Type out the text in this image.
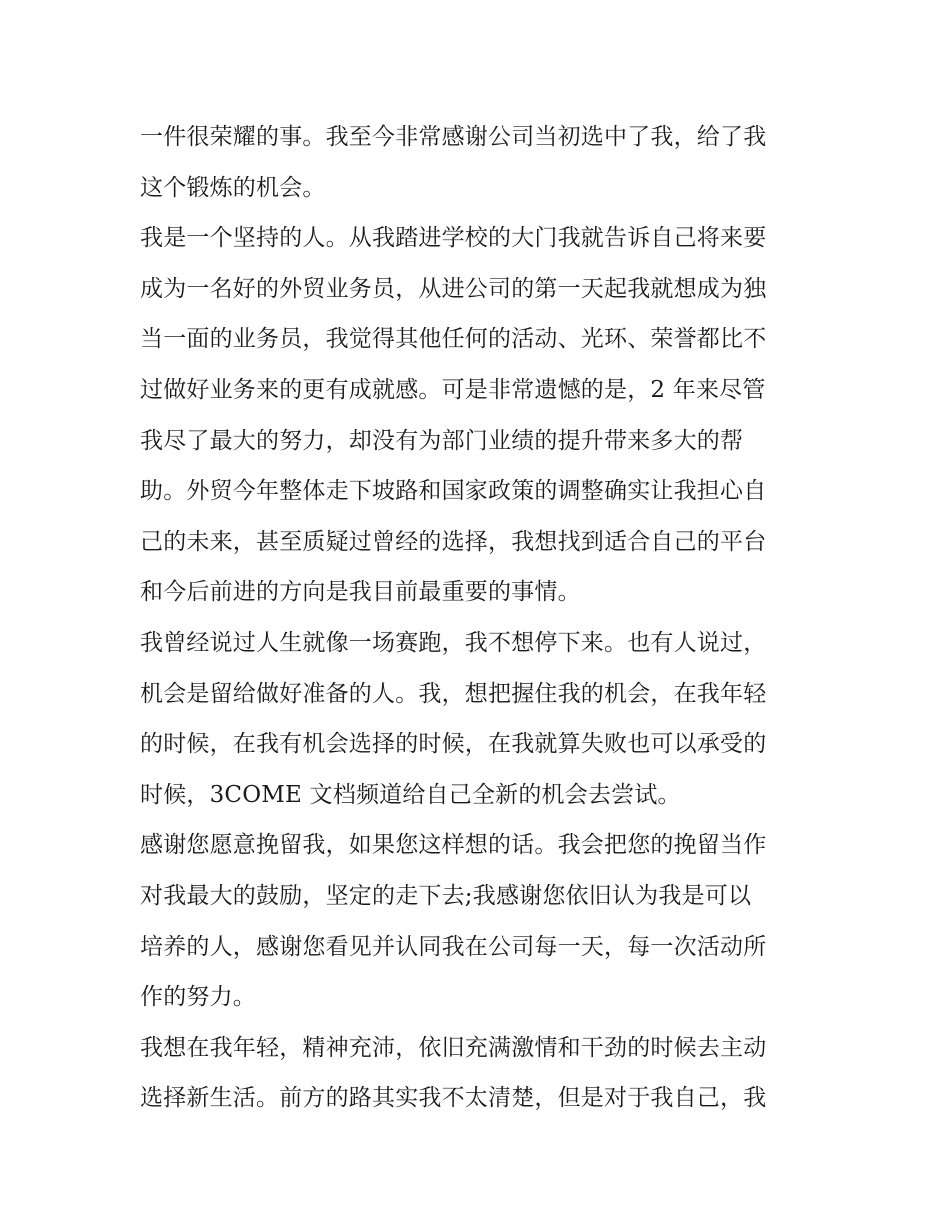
一件很荣耀的事。我至今非常感谢公司当初选中了我，给了我
这个锻炼的机会。
我是一个坚持的人。从我踏进学校的大门我就告诉自己将来要
成为一名好的外贸业务员，从进公司的第一天起我就想成为独
当一面的业务员，我觉得其他任何的活动、光环、荣誉都比不
过做好业务来的更有成就感。可是非常遗憾的是，2 年来尽管
我尽了最大的努力，却没有为部门业绩的提升带来多大的帮
助。外贸今年整体走下坡路和国家政策的调整确实让我担心自
己的未来，甚至质疑过曾经的选择，我想找到适合自己的平台
和今后前进的方向是我目前最重要的事情。
我曾经说过人生就像一场赛跑，我不想停下来。也有人说过，
机会是留给做好准备的人。我，想把握住我的机会，在我年轻
的时候，在我有机会选择的时候，在我就算失败也可以承受的
时候，3COME 文档频道给自己全新的机会去尝试。
感谢您愿意挽留我，如果您这样想的话。我会把您的挽留当作
对我最大的鼓励，坚定的走下去;我感谢您依旧认为我是可以
培养的人，感谢您看见并认同我在公司每一天，每一次活动所
作的努力。
我想在我年轻，精神充沛，依旧充满激情和干劲的时候去主动
选择新生活。前方的路其实我不太清楚，但是对于我自己，我
